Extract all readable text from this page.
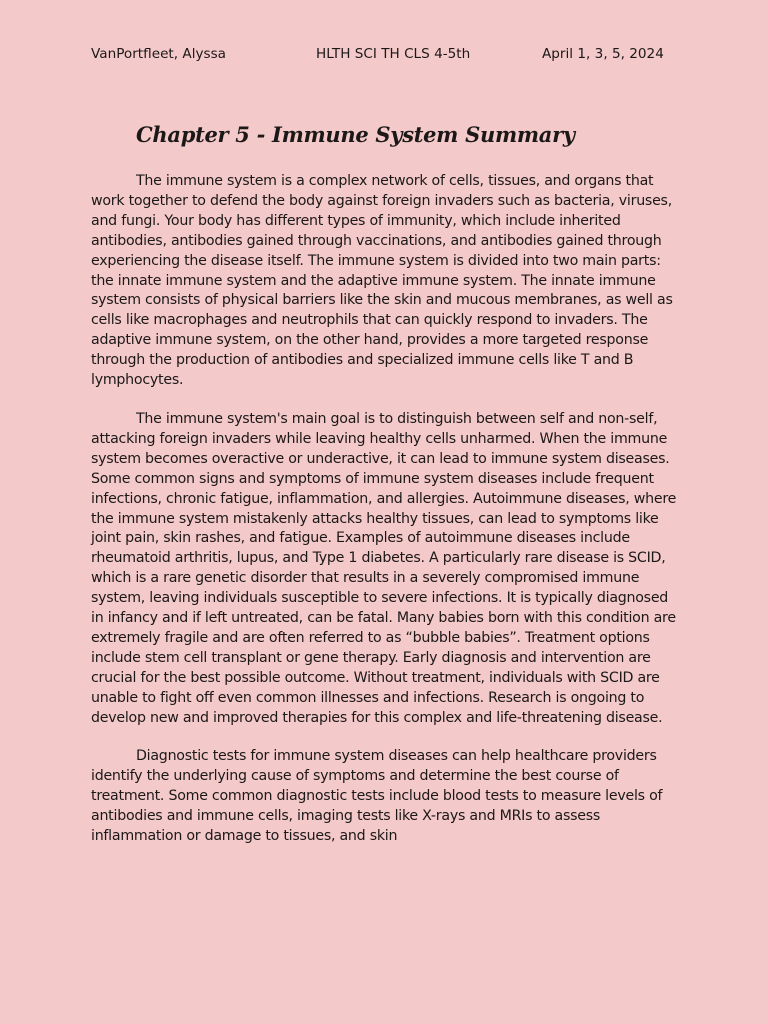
VanPortfleet, Alyssa	HLTH SCI TH CLS 4-5th	April 1, 3, 5, 2024
Chapter 5 - Immune System Summary

The immune system is a complex network of cells, tissues, and organs that work together to defend the body against foreign invaders such as bacteria, viruses, and fungi. Your body has different types of immunity, which include inherited antibodies, antibodies gained through vaccinations, and antibodies gained through experiencing the disease itself. The immune system is divided into two main parts: the innate immune system and the adaptive immune system. The innate immune system consists of physical barriers like the skin and mucous membranes, as well as cells like macrophages and neutrophils that can quickly respond to invaders. The adaptive immune system, on the other hand, provides a more targeted response through the production of antibodies and specialized immune cells like T and B lymphocytes.

The immune system's main goal is to distinguish between self and non-self, attacking foreign invaders while leaving healthy cells unharmed. When the immune system becomes overactive or underactive, it can lead to immune system diseases. Some common signs and symptoms of immune system diseases include frequent infections, chronic fatigue, inflammation, and allergies. Autoimmune diseases, where the immune system mistakenly attacks healthy tissues, can lead to symptoms like joint pain, skin rashes, and fatigue. Examples of autoimmune diseases include rheumatoid arthritis, lupus, and Type 1 diabetes. A particularly rare disease is SCID, which is a rare genetic disorder that results in a severely compromised immune system, leaving individuals susceptible to severe infections. It is typically diagnosed in infancy and if left untreated, can be fatal. Many babies born with this condition are extremely fragile and are often referred to as “bubble babies”. Treatment options include stem cell transplant or gene therapy. Early diagnosis and intervention are crucial for the best possible outcome. Without treatment, individuals with SCID are unable to fight off even common illnesses and infections. Research is ongoing to develop new and improved therapies for this complex and life-threatening disease.

Diagnostic tests for immune system diseases can help healthcare providers identify the underlying cause of symptoms and determine the best course of treatment. Some common diagnostic tests include blood tests to measure levels of antibodies and immune cells, imaging tests like X-rays and MRIs to assess inflammation or damage to tissues, and skin
